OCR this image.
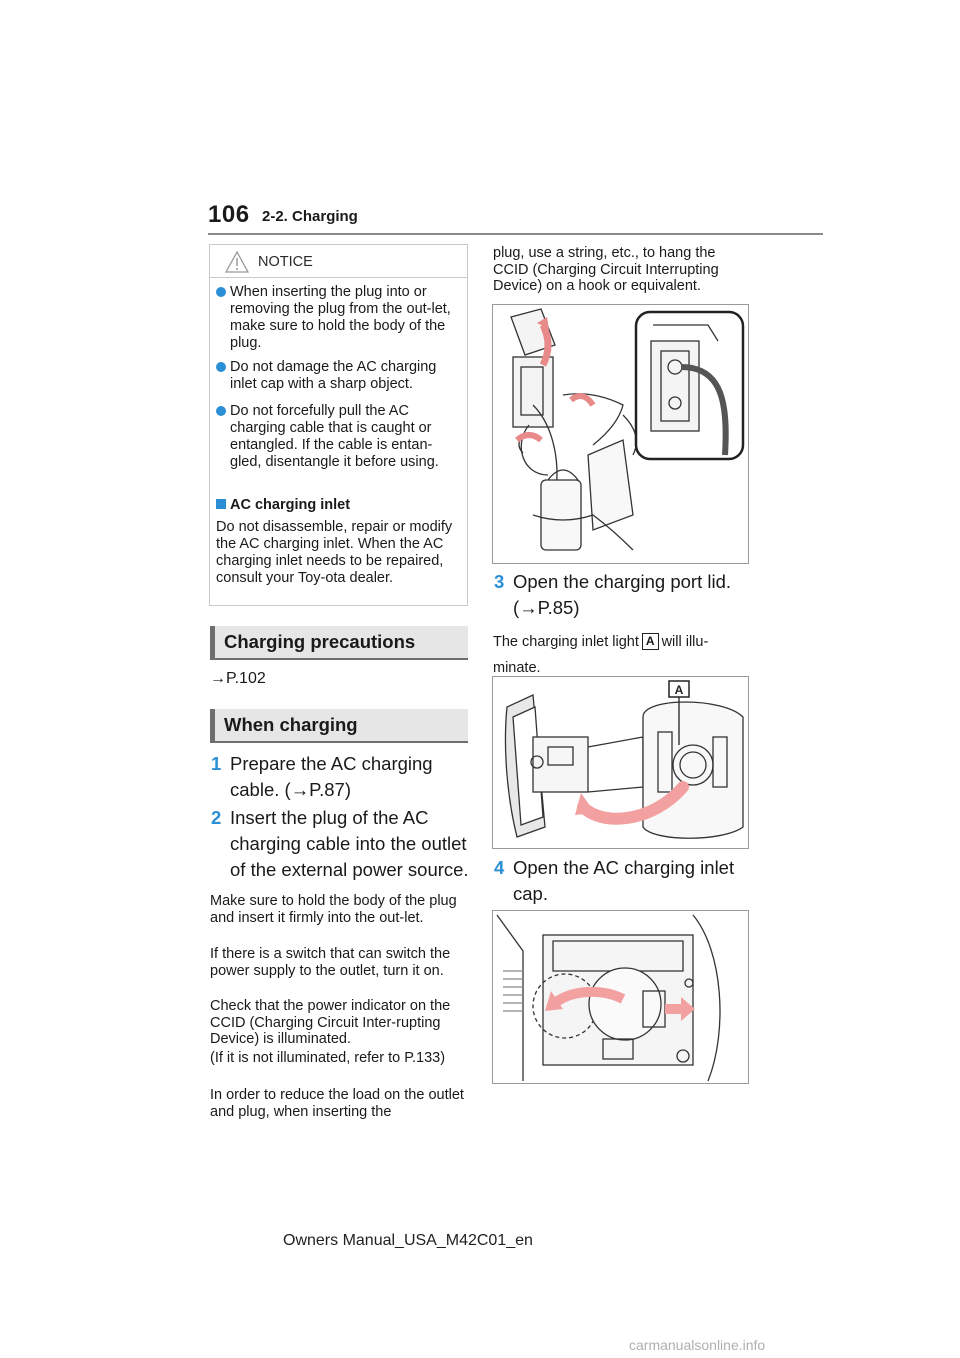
106 2-2. Charging
NOTICE
When inserting the plug into or removing the plug from the out-let, make sure to hold the body of the plug.
Do not damage the AC charging inlet cap with a sharp object.
Do not forcefully pull the AC charging cable that is caught or entangled. If the cable is entan-gled, disentangle it before using.
AC charging inlet
Do not disassemble, repair or modify the AC charging inlet. When the AC charging inlet needs to be repaired, consult your Toy-ota dealer.
Charging precautions
→P.102
When charging
1 Prepare the AC charging cable. (→P.87)
2 Insert the plug of the AC charging cable into the outlet of the external power source.
Make sure to hold the body of the plug and insert it firmly into the out-let.
If there is a switch that can switch the power supply to the outlet, turn it on.
Check that the power indicator on the CCID (Charging Circuit Inter-rupting Device) is illuminated.
(If it is not illuminated, refer to P.133)
In order to reduce the load on the outlet and plug, when inserting the
plug, use a string, etc., to hang the CCID (Charging Circuit Interrupting Device) on a hook or equivalent.
3 Open the charging port lid. (→P.85)
The charging inlet light A will illu-minate.
A
4 Open the AC charging inlet cap.
Owners Manual_USA_M42C01_en
carmanualsonline.info
